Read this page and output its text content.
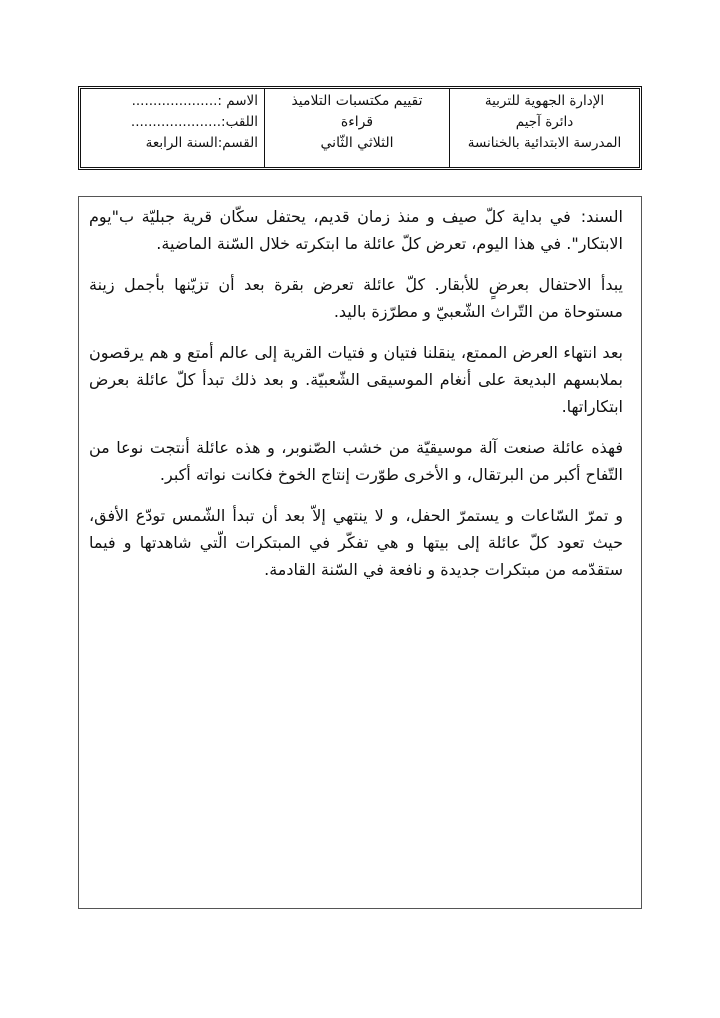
الإدارة الجهوية للتربية
دائرة آجيم
المدرسة الابتدائية بالخنانسة
تقييم مكتسبات التلاميذ
قراءة
الثلاثي الثّاني
الاسم :....................
اللقب:.....................
القسم:السنة الرابعة

السند:في بداية كلّ صيف و منذ زمان قديم، يحتفل سكّان قرية جبليّة ب"يوم الابتكار". في هذا اليوم، تعرض كلّ عائلة ما ابتكرته خلال السّنة الماضية.

يبدأ الاحتفال بعرضٍ للأبقار. كلّ عائلة تعرض بقرة بعد أن تزيّنها بأجمل زينة مستوحاة من التّراث الشّعبيّ و مطرّزة باليد.

بعد انتهاء العرض الممتع، ينقلنا فتيان و فتيات القرية إلى عالم أمتع و هم يرقصون بملابسهم البديعة على أنغام الموسيقى الشّعبيّة. و بعد ذلك تبدأ كلّ عائلة بعرض ابتكاراتها.

فهذه عائلة صنعت آلة موسيقيّة من خشب الصّنوبر، و هذه عائلة أنتجت نوعا من التّفاح أكبر من البرتقال، و الأخرى طوّرت إنتاج الخوخ فكانت نواته أكبر.

و تمرّ السّاعات و يستمرّ الحفل، و لا ينتهي إلاّ بعد أن تبدأ الشّمس تودّع الأفق، حيث تعود كلّ عائلة إلى بيتها و هي تفكّر في المبتكرات الّتي شاهدتها و فيما ستقدّمه من مبتكرات جديدة و نافعة في السّنة القادمة.
